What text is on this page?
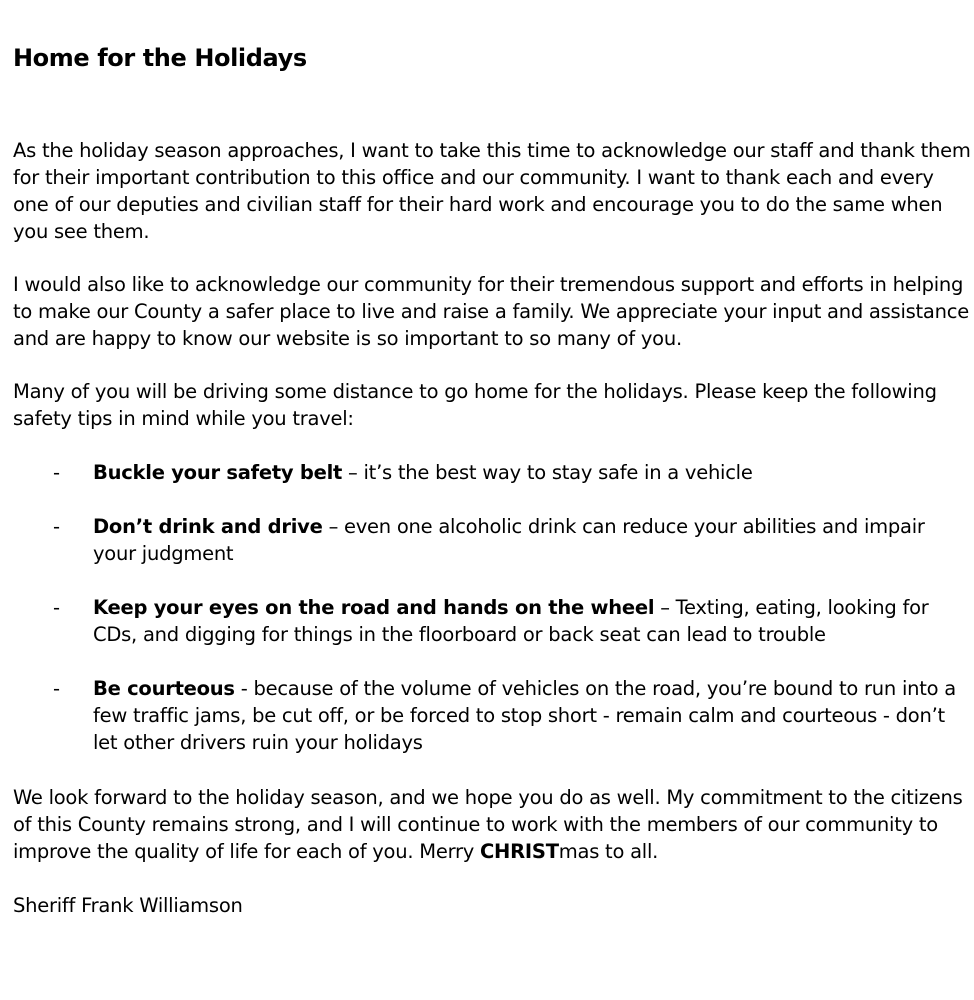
Home for the Holidays

As the holiday season approaches, I want to take this time to acknowledge our staff and thank them for their important contribution to this office and our community. I want to thank each and every one of our deputies and civilian staff for their hard work and encourage you to do the same when you see them.

I would also like to acknowledge our community for their tremendous support and efforts in helping to make our County a safer place to live and raise a family. We appreciate your input and assistance and are happy to know our website is so important to so many of you.

Many of you will be driving some distance to go home for the holidays. Please keep the following safety tips in mind while you travel:

- Buckle your safety belt – it’s the best way to stay safe in a vehicle
- Don’t drink and drive – even one alcoholic drink can reduce your abilities and impair your judgment
- Keep your eyes on the road and hands on the wheel – Texting, eating, looking for CDs, and digging for things in the floorboard or back seat can lead to trouble
- Be courteous - because of the volume of vehicles on the road, you’re bound to run into a few traffic jams, be cut off, or be forced to stop short - remain calm and courteous - don’t let other drivers ruin your holidays

We look forward to the holiday season, and we hope you do as well. My commitment to the citizens of this County remains strong, and I will continue to work with the members of our community to improve the quality of life for each of you. Merry CHRISTmas to all.

Sheriff Frank Williamson
